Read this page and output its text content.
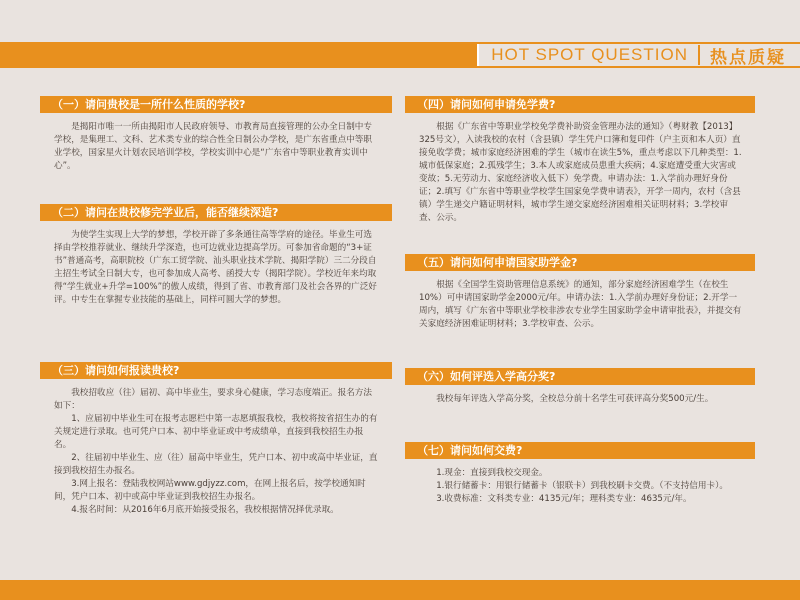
HOT SPOT QUESTION	热点质疑
（一）请问贵校是一所什么性质的学校?

是揭阳市唯一一所由揭阳市人民政府领导、市教育局直接管理的公办全日制中专学校，是集理工、文科、艺术类专业的综合性全日制公办学校，是广东省重点中等职业学校，国家星火计划农民培训学校，学校实训中心是“广东省中等职业教育实训中心”。

（二）请问在贵校修完学业后，能否继续深造?

为使学生实现上大学的梦想，学校开辟了多条通往高等学府的途径。毕业生可选择由学校推荐就业、继续升学深造，也可边就业边提高学历。可参加省命题的“3+证书”普通高考，高职院校（广东工贸学院、汕头职业技术学院、揭阳学院）三二分段自主招生考试全日制大专，也可参加成人高考、函授大专（揭阳学院）。学校近年来均取得“学生就业+升学=100%”的傲人成绩，得到了省、市教育部门及社会各界的广泛好评。中专生在掌握专业技能的基础上，同样可圆大学的梦想。

（三）请问如何报读贵校?

我校招收应（往）届初、高中毕业生，要求身心健康，学习态度端正。报名方法如下：

1、应届初中毕业生可在报考志愿栏中第一志愿填报我校，我校将按省招生办的有关规定进行录取。也可凭户口本、初中毕业证或中考成绩单，直接到我校招生办报名。

2、往届初中毕业生、应（往）届高中毕业生，凭户口本、初中或高中毕业证，直接到我校招生办报名。

3.网上报名：登陆我校网站www.gdjyzz.com，在网上报名后，按学校通知时间，凭户口本、初中或高中毕业证到我校招生办报名。

4.报名时间：从2016年6月底开始接受报名，我校根据情况择优录取。

（四）请问如何申请免学费?

根据《广东省中等职业学校免学费补助资金管理办法的通知》（粤财教【2013】325号文），入读我校的农村（含县镇）学生凭户口簿和复印件（户主页和本人页）直接免收学费；城市家庭经济困难的学生（城市在读生5%，重点考虑以下几种类型：1.城市低保家庭；2.孤残学生；3.本人或家庭成员患重大疾病；4.家庭遭受重大灾害或变故；5.无劳动力、家庭经济收入低下）免学费。申请办法：1.入学前办理好身份证；2.填写《广东省中等职业学校学生国家免学费申请表》，开学一周内，农村（含县镇）学生递交户籍证明材料，城市学生递交家庭经济困难相关证明材料；3.学校审查、公示。

（五）请问如何申请国家助学金?

根据《全国学生资助管理信息系统》的通知，部分家庭经济困难学生（在校生10%）可申请国家助学金2000元/年。申请办法：1.入学前办理好身份证；2.开学一周内，填写《广东省中等职业学校非涉农专业学生国家助学金申请审批表》，并提交有关家庭经济困难证明材料；3.学校审查、公示。

（六）如何评选入学高分奖?

我校每年评选入学高分奖，全校总分前十名学生可获评高分奖500元/生。

（七）请问如何交费?

1.现金：直接到我校交现金。

1.银行储蓄卡：用银行储蓄卡（银联卡）到我校刷卡交费。（不支持信用卡）。

3.收费标准：文科类专业：4135元/年；理科类专业：4635元/年。
